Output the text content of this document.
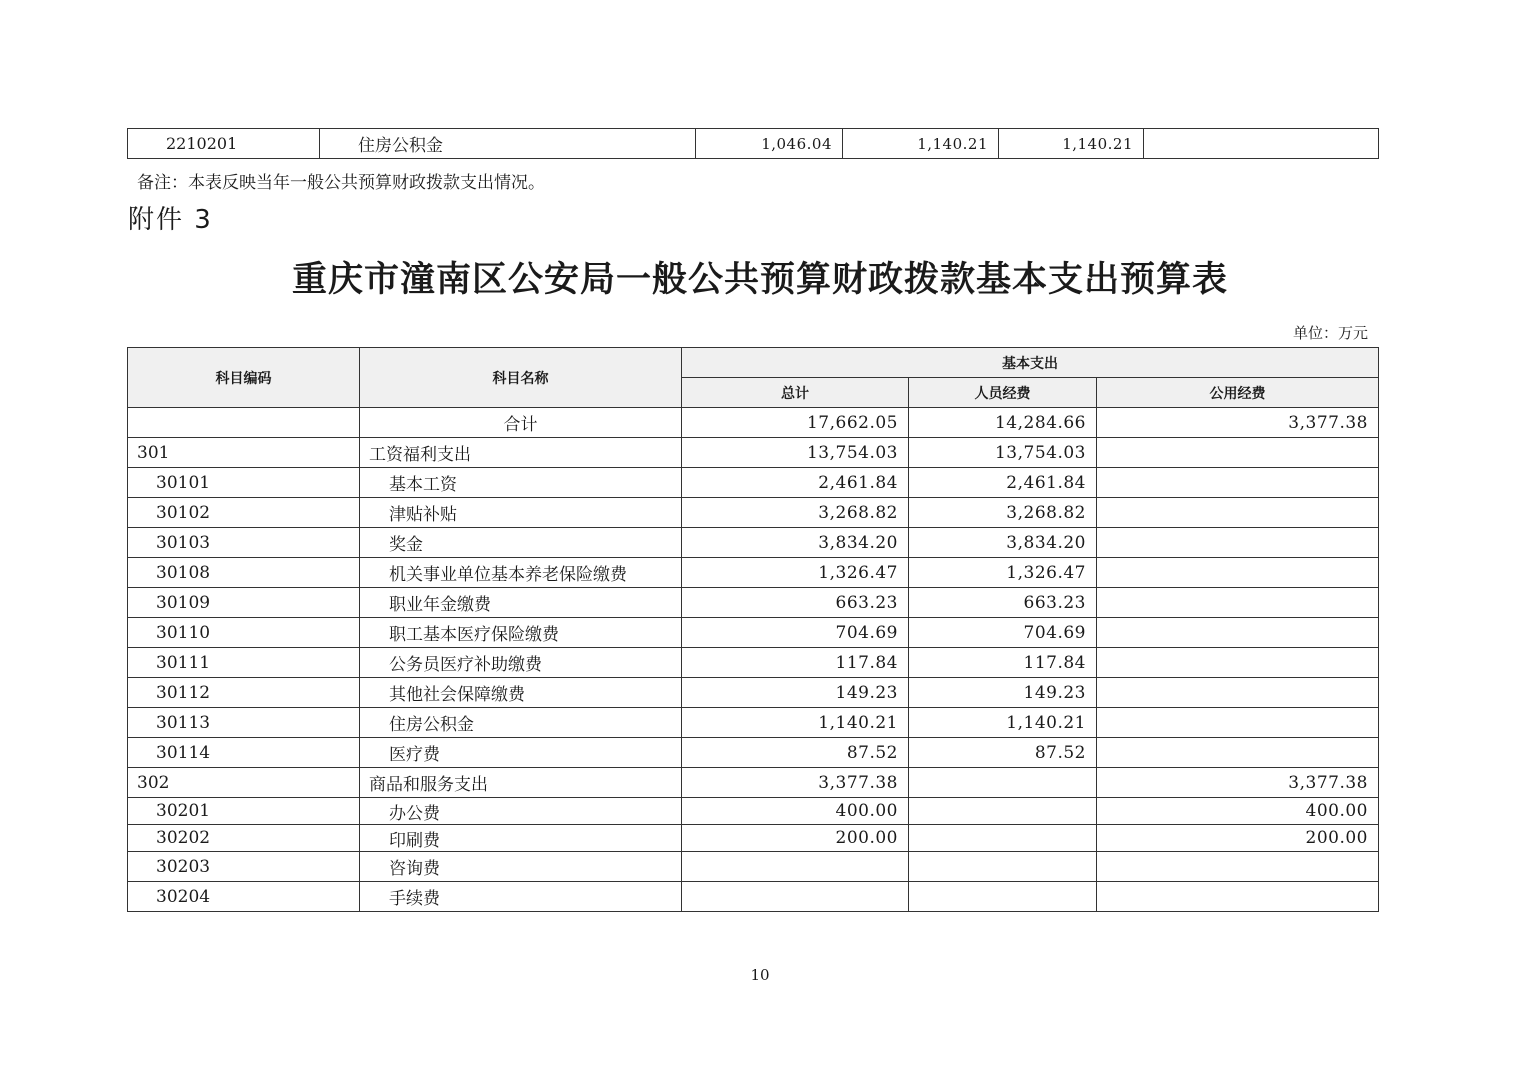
2210201	住房公积金	1,046.04	1,140.21	1,140.21	
备注：本表反映当年一般公共预算财政拨款支出情况。
附件 3
重庆市潼南区公安局一般公共预算财政拨款基本支出预算表
单位：万元
科目编码	科目名称	基本支出		
		总计	人员经费	公用经费
	合计	17,662.05	14,284.66	3,377.38
301	工资福利支出	13,754.03	13,754.03	
30101	基本工资	2,461.84	2,461.84	
30102	津贴补贴	3,268.82	3,268.82	
30103	奖金	3,834.20	3,834.20	
30108	机关事业单位基本养老保险缴费	1,326.47	1,326.47	
30109	职业年金缴费	663.23	663.23	
30110	职工基本医疗保险缴费	704.69	704.69	
30111	公务员医疗补助缴费	117.84	117.84	
30112	其他社会保障缴费	149.23	149.23	
30113	住房公积金	1,140.21	1,140.21	
30114	医疗费	87.52	87.52	
302	商品和服务支出	3,377.38		3,377.38
30201	办公费	400.00		400.00
30202	印刷费	200.00		200.00
30203	咨询费			
30204	手续费			
10
